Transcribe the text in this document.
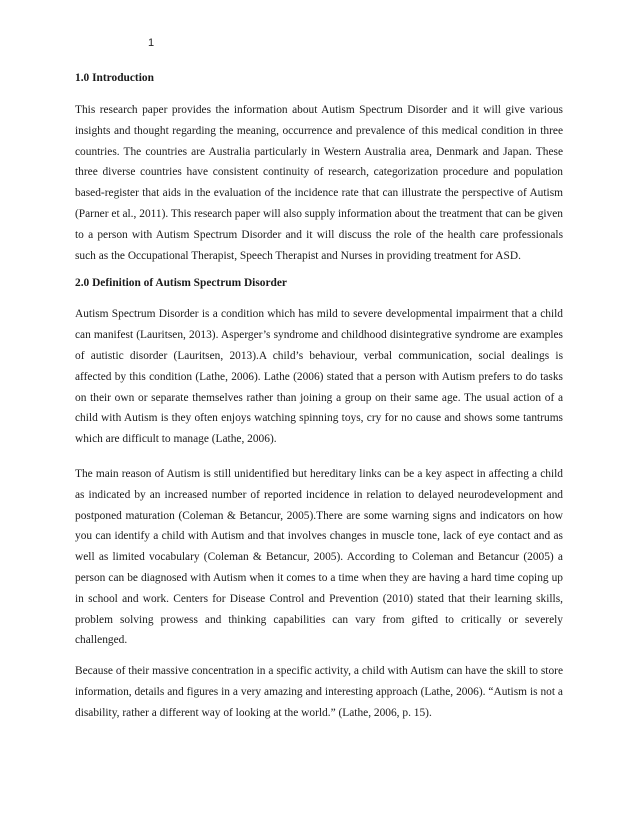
1
1.0 Introduction

This research paper provides the information about Autism Spectrum Disorder and it will give various insights and thought regarding the meaning, occurrence and prevalence of this medical condition in three countries. The countries are Australia particularly in Western Australia area, Denmark and Japan. These three diverse countries have consistent continuity of research, categorization procedure and population based-register that aids in the evaluation of the incidence rate that can illustrate the perspective of Autism (Parner et al., 2011). This research paper will also supply information about the treatment that can be given to a person with Autism Spectrum Disorder and it will discuss the role of the health care professionals such as the Occupational Therapist, Speech Therapist and Nurses in providing treatment for ASD.

2.0 Definition of Autism Spectrum Disorder

Autism Spectrum Disorder is a condition which has mild to severe developmental impairment that a child can manifest (Lauritsen, 2013). Asperger’s syndrome and childhood disintegrative syndrome are examples of autistic disorder (Lauritsen, 2013).A child’s behaviour, verbal communication, social dealings is affected by this condition (Lathe, 2006). Lathe (2006) stated that a person with Autism prefers to do tasks on their own or separate themselves rather than joining a group on their same age. The usual action of a child with Autism is they often enjoys watching spinning toys, cry for no cause and shows some tantrums which are difficult to manage (Lathe, 2006).

The main reason of Autism is still unidentified but hereditary links can be a key aspect in affecting a child as indicated by an increased number of reported incidence in relation to delayed neurodevelopment and postponed maturation (Coleman & Betancur, 2005).There are some warning signs and indicators on how you can identify a child with Autism and that involves changes in muscle tone, lack of eye contact and as well as limited vocabulary (Coleman & Betancur, 2005). According to Coleman and Betancur (2005) a person can be diagnosed with Autism when it comes to a time when they are having a hard time coping up in school and work. Centers for Disease Control and Prevention (2010) stated that their learning skills, problem solving prowess and thinking capabilities can vary from gifted to critically or severely challenged.

Because of their massive concentration in a specific activity, a child with Autism can have the skill to store information, details and figures in a very amazing and interesting approach (Lathe, 2006). “Autism is not a disability, rather a different way of looking at the world.” (Lathe, 2006, p. 15).
